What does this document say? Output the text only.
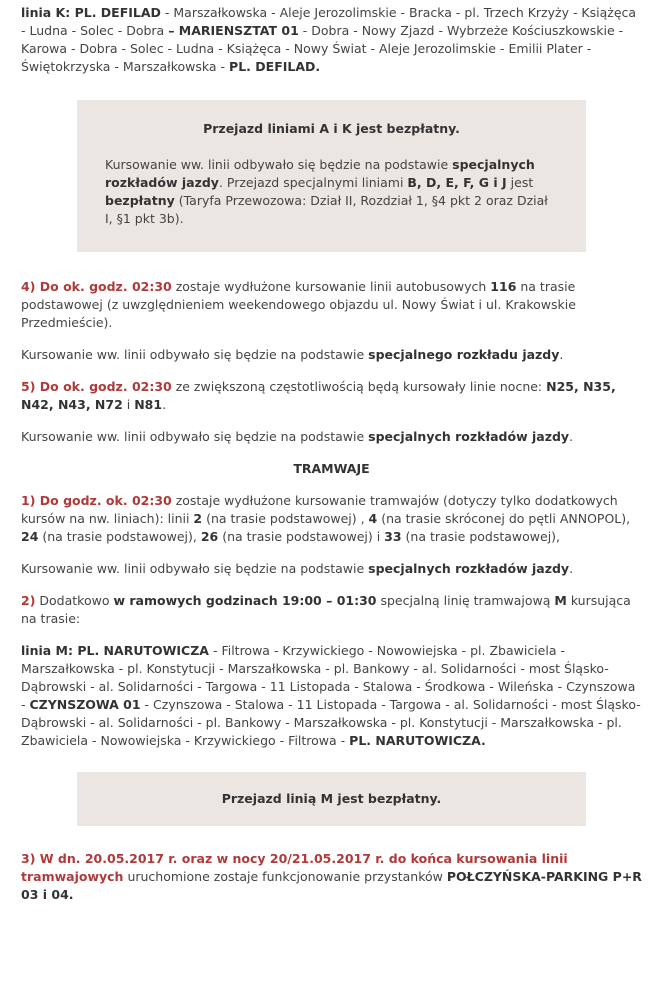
linia K: PL. DEFILAD - Marszałkowska - Aleje Jerozolimskie - Bracka - pl. Trzech Krzyży - Książęca - Ludna - Solec - Dobra – MARIENSZTAT 01 - Dobra - Nowy Zjazd - Wybrzeże Kościuszkowskie - Karowa - Dobra - Solec - Ludna - Książęca - Nowy Świat - Aleje Jerozolimskie - Emilii Plater - Świętokrzyska - Marszałkowska - PL. DEFILAD.

Przejazd liniami A i K jest bezpłatny.

Kursowanie ww. linii odbywało się będzie na podstawie specjalnych rozkładów jazdy. Przejazd specjalnymi liniami B, D, E, F, G i J jest bezpłatny (Taryfa Przewozowa: Dział II, Rozdział 1, §4 pkt 2 oraz Dział I, §1 pkt 3b).

4) Do ok. godz. 02:30 zostaje wydłużone kursowanie linii autobusowych 116 na trasie podstawowej (z uwzględnieniem weekendowego objazdu ul. Nowy Świat i ul. Krakowskie Przedmieście).

Kursowanie ww. linii odbywało się będzie na podstawie specjalnego rozkładu jazdy.

5) Do ok. godz. 02:30 ze zwiększoną częstotliwością będą kursowały linie nocne: N25, N35, N42, N43, N72 i N81.

Kursowanie ww. linii odbywało się będzie na podstawie specjalnych rozkładów jazdy.

TRAMWAJE

1) Do godz. ok. 02:30 zostaje wydłużone kursowanie tramwajów (dotyczy tylko dodatkowych kursów na nw. liniach): linii 2 (na trasie podstawowej) , 4 (na trasie skróconej do pętli ANNOPOL), 24 (na trasie podstawowej), 26 (na trasie podstawowej) i 33 (na trasie podstawowej),

Kursowanie ww. linii odbywało się będzie na podstawie specjalnych rozkładów jazdy.

2) Dodatkowo w ramowych godzinach 19:00 – 01:30 specjalną linię tramwajową M kursująca na trasie:

linia M: PL. NARUTOWICZA - Filtrowa - Krzywickiego - Nowowiejska - pl. Zbawiciela - Marszałkowska - pl. Konstytucji - Marszałkowska - pl. Bankowy - al. Solidarności - most Śląsko-Dąbrowski - al. Solidarności - Targowa - 11 Listopada - Stalowa - Środkowa - Wileńska - Czynszowa - CZYNSZOWA 01 - Czynszowa - Stalowa - 11 Listopada - Targowa - al. Solidarności - most Śląsko-Dąbrowski - al. Solidarności - pl. Bankowy - Marszałkowska - pl. Konstytucji - Marszałkowska - pl. Zbawiciela - Nowowiejska - Krzywickiego - Filtrowa - PL. NARUTOWICZA.

Przejazd linią M jest bezpłatny.

3) W dn. 20.05.2017 r. oraz w nocy 20/21.05.2017 r. do końca kursowania linii tramwajowych uruchomione zostaje funkcjonowanie przystanków POŁCZYŃSKA-PARKING P+R 03 i 04.
